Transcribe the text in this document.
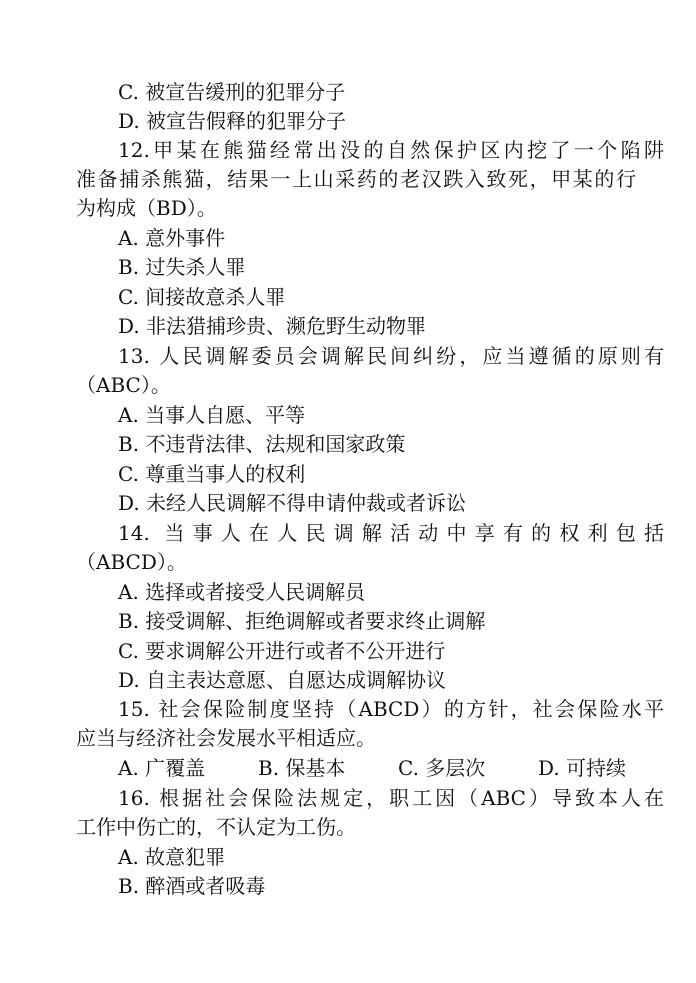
C. 被宣告缓刑的犯罪分子
D. 被宣告假释的犯罪分子
12.甲某在熊猫经常出没的自然保护区内挖了一个陷阱
准备捕杀熊猫，结果一上山采药的老汉跌入致死，甲某的行
为构成（BD）。
A. 意外事件
B. 过失杀人罪
C. 间接故意杀人罪
D. 非法猎捕珍贵、濒危野生动物罪
13. 人民调解委员会调解民间纠纷，应当遵循的原则有
（ABC）。
A. 当事人自愿、平等
B. 不违背法律、法规和国家政策
C. 尊重当事人的权利
D. 未经人民调解不得申请仲裁或者诉讼
14. 当事人在人民调解活动中享有的权利包括
（ABCD）。
A. 选择或者接受人民调解员
B. 接受调解、拒绝调解或者要求终止调解
C. 要求调解公开进行或者不公开进行
D. 自主表达意愿、自愿达成调解协议
15. 社会保险制度坚持（ABCD）的方针，社会保险水平
应当与经济社会发展水平相适应。
A. 广覆盖	B. 保基本	C. 多层次	D. 可持续
16. 根据社会保险法规定，职工因（ABC）导致本人在
工作中伤亡的，不认定为工伤。
A. 故意犯罪
B. 醉酒或者吸毒
